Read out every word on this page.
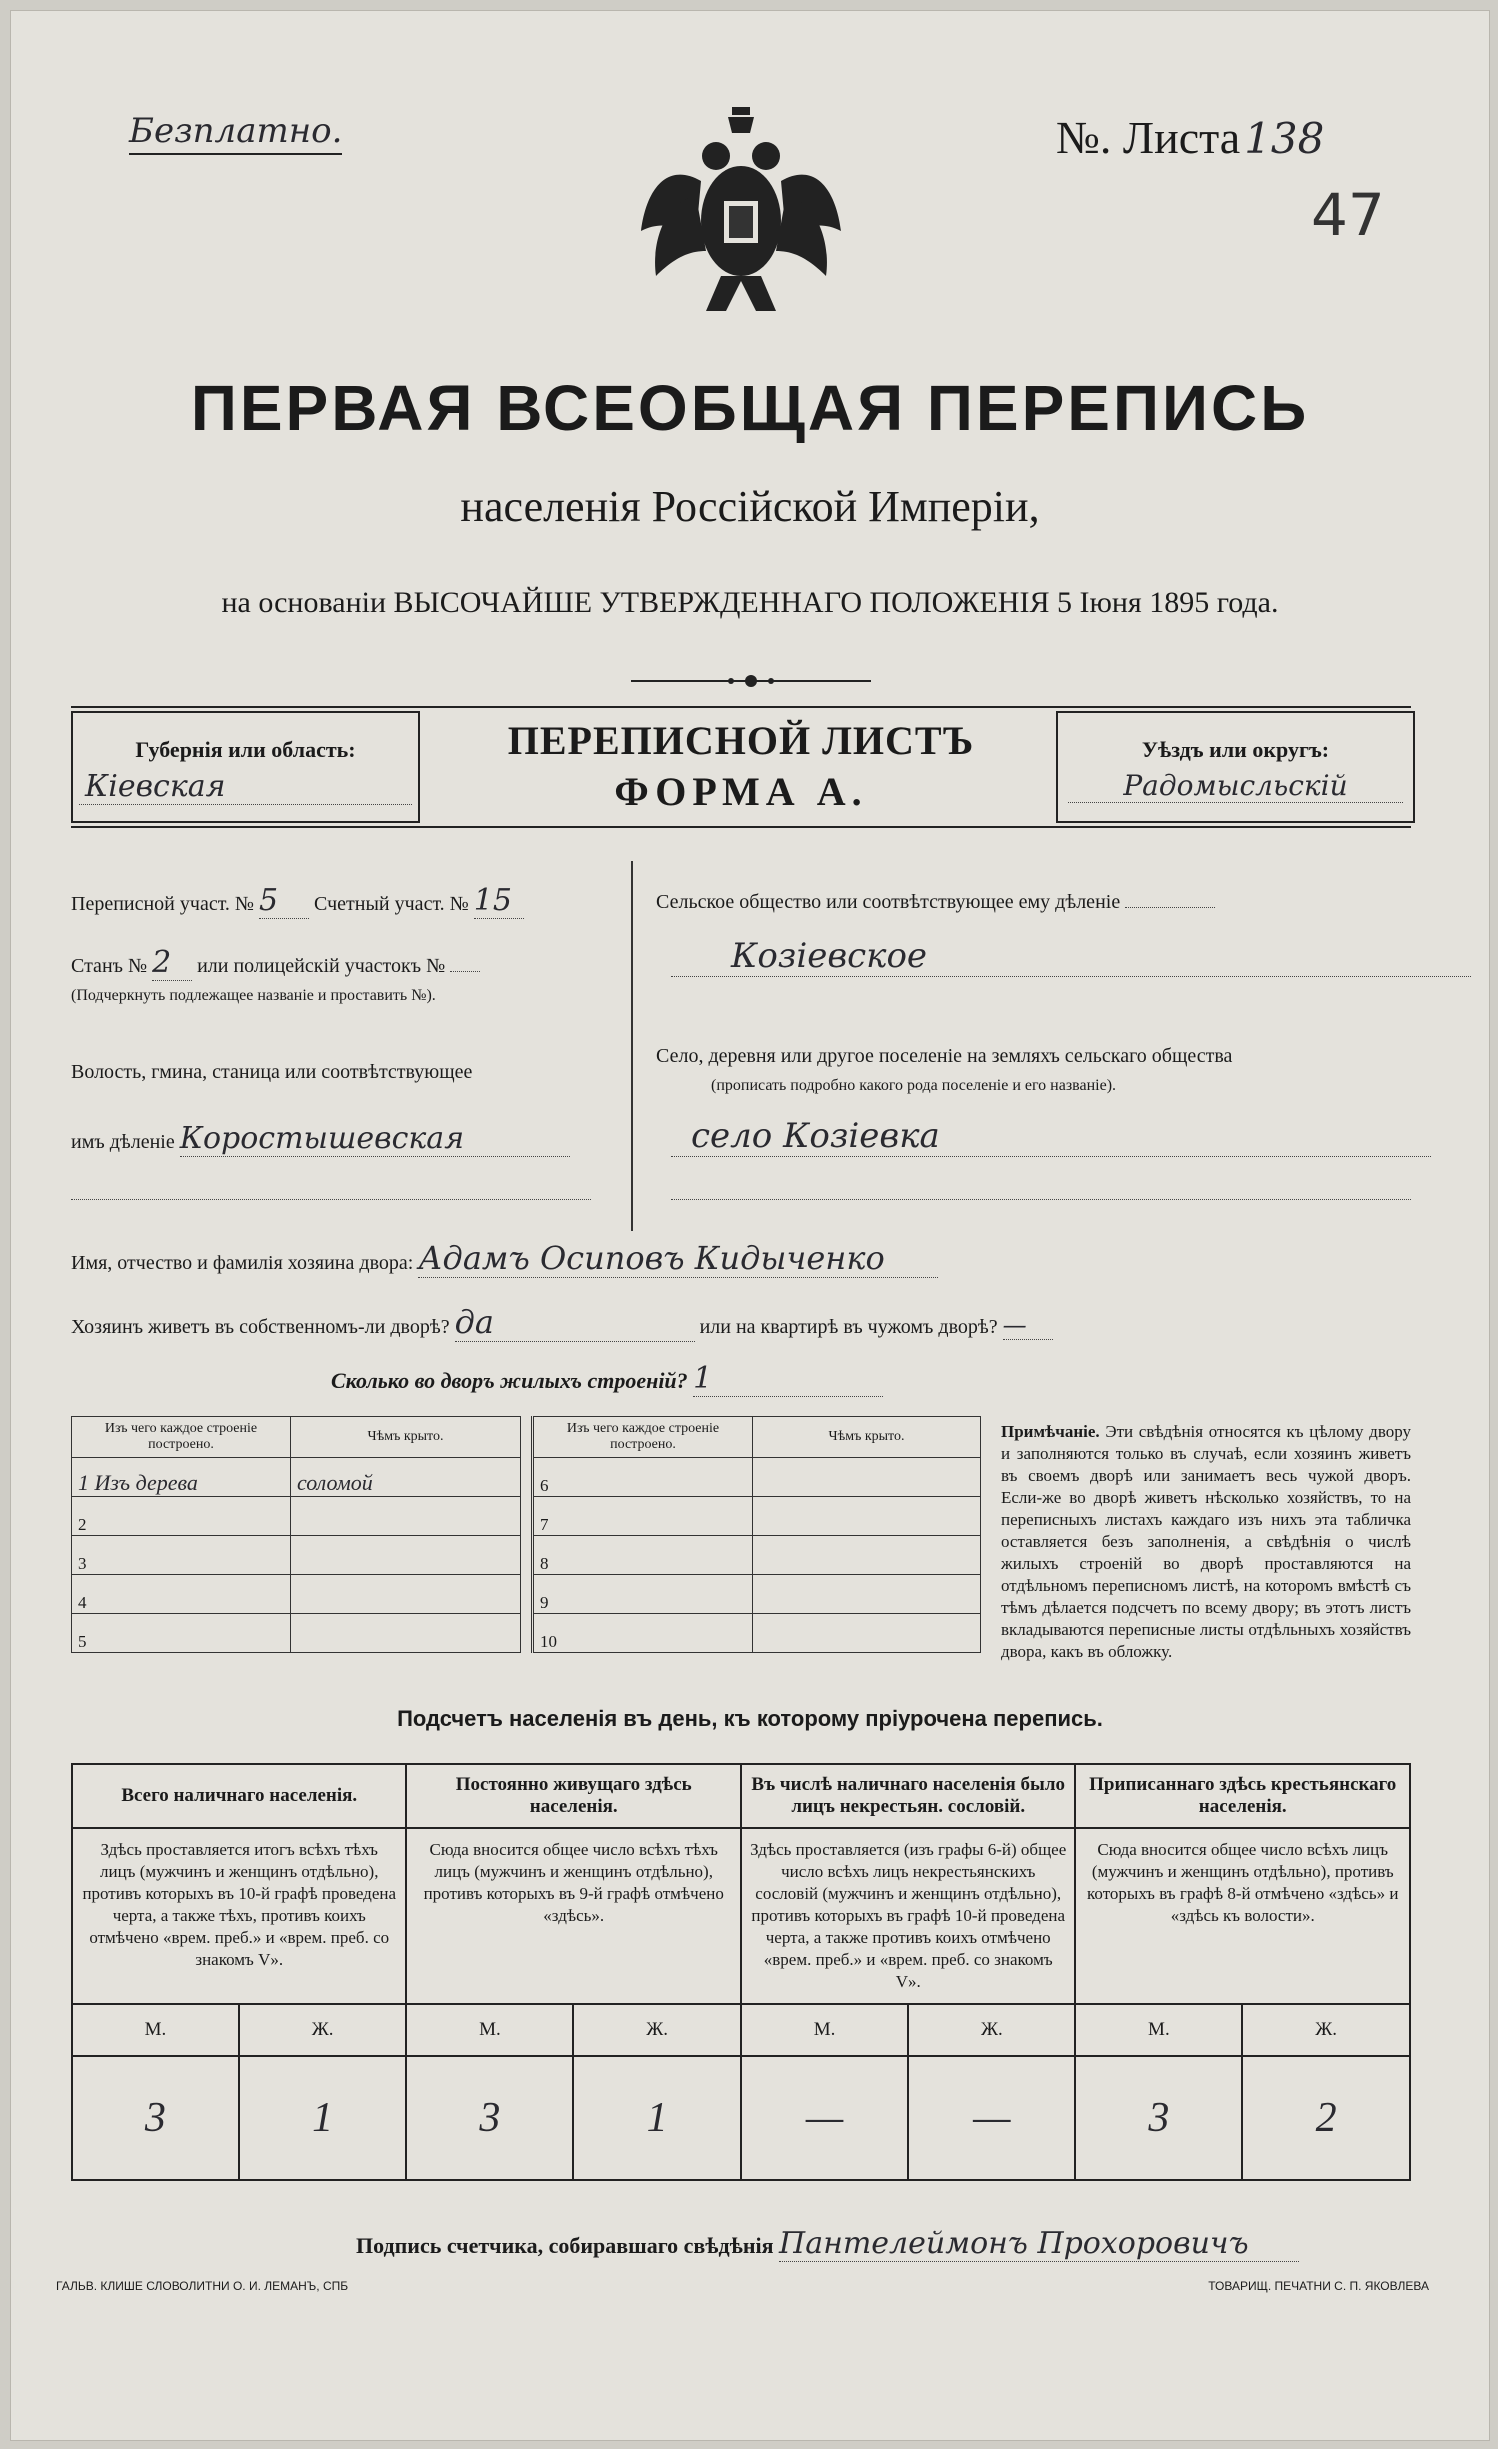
Безплатно.	№. Листа138
47
ПЕРВАЯ ВСЕОБЩАЯ ПЕРЕПИСЬ
населенія Россійской Имперіи,
на основаніи ВЫСОЧАЙШЕ УТВЕРЖДЕННАГО ПОЛОЖЕНІЯ 5 Іюня 1895 года.
Губернія или область:
Кіевская
ПЕРЕПИСНОЙ ЛИСТЪ
ФОРМА А.
Уѣздъ или округъ:
Радомысльскій
Переписной участ. № 5 Счетный участ. № 15
Станъ № 2 или полицейскій участокъ №
(Подчеркнуть подлежащее названіе и проставить №).
Волость, гмина, станица или соотвѣтствующее
имъ дѣленіе Коростышевская
Сельское общество или соотвѣтствующее ему дѣленіе
Козіевское
Село, деревня или другое поселеніе на земляхъ сельскаго общества
(прописать подробно какого рода поселеніе и его названіе).
село Козіевка
Имя, отчество и фамилія хозяина двора: Адамъ Осиповъ Кидыченко
Хозяинъ живетъ въ собственномъ-ли дворѣ? да	или на квартирѣ въ чужомъ дворѣ? —
Сколько во дворъ жилыхъ строеній? 1
Изъ чего каждое строеніе построено.	Чѣмъ крыто.
1 Изъ дерева	соломой
2	
3	
4	
5	
Изъ чего каждое строеніе построено.	Чѣмъ крыто.
6	
7	
8	
9	
10	
Примѣчаніе. Эти свѣдѣнія относятся къ цѣлому двору и заполняются только въ случаѣ, если хозяинъ живетъ въ своемъ дворѣ или занимаетъ весь чужой дворъ. Если-же во дворѣ живетъ нѣсколько хозяйствъ, то на переписныхъ листахъ каждаго изъ нихъ эта табличка оставляется безъ заполненія, а свѣдѣнія о числѣ жилыхъ строеній во дворѣ проставляются на отдѣльномъ переписномъ листѣ, на которомъ вмѣстѣ съ тѣмъ дѣлается подсчетъ по всему двору; въ этотъ листъ вкладываются переписные листы отдѣльныхъ хозяйствъ двора, какъ въ обложку.
Подсчетъ населенія въ день, къ которому пріурочена перепись.
Всего наличнаго населенія.		Постоянно живущаго здѣсь населенія.		Въ числѣ наличнаго населенія было лицъ некрестьян. сословій.		Приписаннаго здѣсь крестьянскаго населенія.	
Здѣсь проставляется итогъ всѣхъ тѣхъ лицъ (мужчинъ и женщинъ отдѣльно), противъ которыхъ въ 10-й графѣ проведена черта, а также тѣхъ, противъ коихъ отмѣчено «врем. преб.» и «врем. преб. со знакомъ V».		Сюда вносится общее число всѣхъ тѣхъ лицъ (мужчинъ и женщинъ отдѣльно), противъ которыхъ въ 9-й графѣ отмѣчено «здѣсь».		Здѣсь проставляется (изъ графы 6-й) общее число всѣхъ лицъ некрестьянскихъ сословій (мужчинъ и женщинъ отдѣльно), противъ которыхъ въ графѣ 10-й проведена черта, а также противъ коихъ отмѣчено «врем. преб.» и «врем. преб. со знакомъ V».		Сюда вносится общее число всѣхъ лицъ (мужчинъ и женщинъ отдѣльно), противъ которыхъ въ графѣ 8-й отмѣчено «здѣсь» и «здѣсь къ волости».	
М.	Ж.	М.	Ж.	М.	Ж.	М.	Ж.
3	1	3	1	—	—	3	2
Подпись счетчика, собиравшаго свѣдѣнія Пантелеймонъ Прохоровичъ
ГАЛЬВ. КЛИШЕ СЛОВОЛИТНИ О. И. ЛЕМАНЪ, СПБ	ТОВАРИЩ. ПЕЧАТНИ С. П. ЯКОВЛЕВА
